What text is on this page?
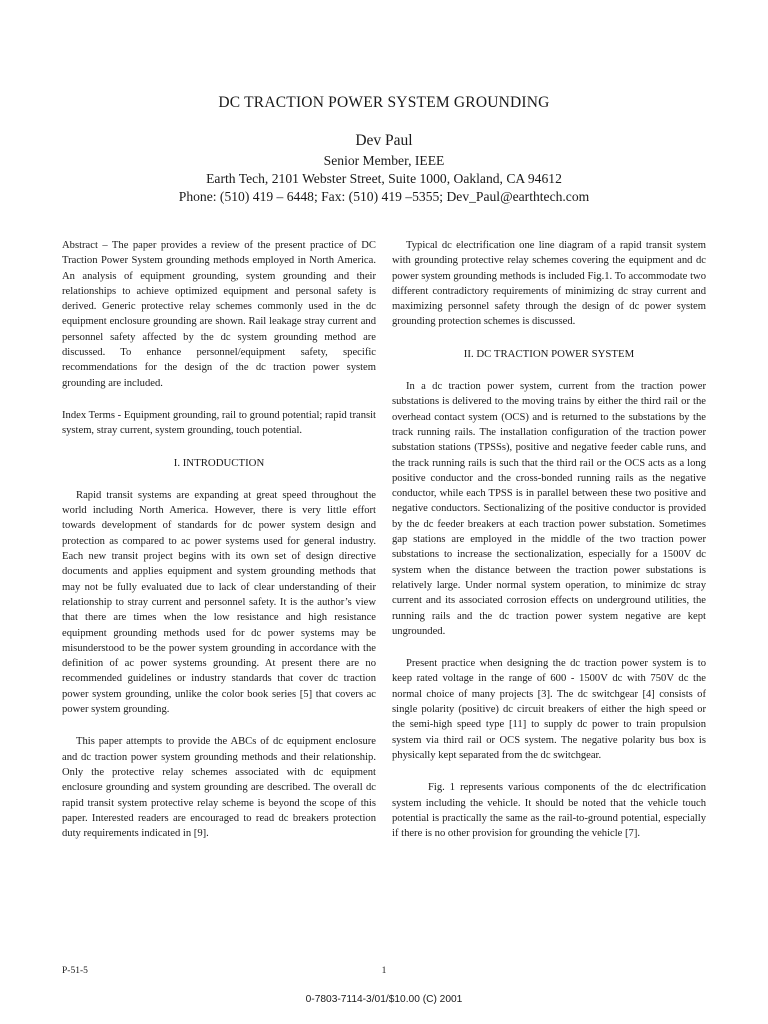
DC TRACTION POWER SYSTEM GROUNDING
Dev Paul
Senior Member, IEEE
Earth Tech, 2101 Webster Street, Suite 1000, Oakland, CA 94612
Phone: (510) 419 – 6448; Fax: (510) 419 –5355; Dev_Paul@earthtech.com

Abstract – The paper provides a review of the present practice of DC Traction Power System grounding methods employed in North America. An analysis of equipment grounding, system grounding and their relationships to achieve optimized equipment and personal safety is derived. Generic protective relay schemes commonly used in the dc equipment enclosure grounding are shown. Rail leakage stray current and personnel safety affected by the dc system grounding method are discussed. To enhance personnel/equipment safety, specific recommendations for the design of the dc traction power system grounding are included.

Index Terms - Equipment grounding, rail to ground potential; rapid transit system, stray current, system grounding, touch potential.

I. INTRODUCTION

Rapid transit systems are expanding at great speed throughout the world including North America. However, there is very little effort towards development of standards for dc power system design and protection as compared to ac power systems used for general industry. Each new transit project begins with its own set of design directive documents and applies equipment and system grounding methods that may not be fully evaluated due to lack of clear understanding of their relationship to stray current and personnel safety. It is the author’s view that there are times when the low resistance and high resistance equipment grounding methods used for dc power systems may be misunderstood to be the power system grounding in accordance with the definition of ac power systems grounding. At present there are no recommended guidelines or industry standards that cover dc traction power system grounding, unlike the color book series [5] that covers ac power system grounding.

This paper attempts to provide the ABCs of dc equipment enclosure and dc traction power system grounding methods and their relationship. Only the protective relay schemes associated with dc equipment enclosure grounding and system grounding are described. The overall dc rapid transit system protective relay scheme is beyond the scope of this paper. Interested readers are encouraged to read dc breakers protection duty requirements indicated in [9].

Typical dc electrification one line diagram of a rapid transit system with grounding protective relay schemes covering the equipment and dc power system grounding methods is included Fig.1. To accommodate two different contradictory requirements of minimizing dc stray current and maximizing personnel safety through the design of dc power system grounding protection schemes is discussed.

II. DC TRACTION POWER SYSTEM

In a dc traction power system, current from the traction power substations is delivered to the moving trains by either the third rail or the overhead contact system (OCS) and is returned to the substations by the track running rails. The installation configuration of the traction power substation stations (TPSSs), positive and negative feeder cable runs, and the track running rails is such that the third rail or the OCS acts as a long positive conductor and the cross-bonded running rails as the negative conductor, while each TPSS is in parallel between these two positive and negative conductors. Sectionalizing of the positive conductor is provided by the dc feeder breakers at each traction power substation. Sometimes gap stations are employed in the middle of the two traction power substations to increase the sectionalization, especially for a 1500V dc system when the distance between the traction power substations is relatively large. Under normal system operation, to minimize dc stray current and its associated corrosion effects on underground utilities, the running rails and the dc traction power system negative are kept ungrounded.

Present practice when designing the dc traction power system is to keep rated voltage in the range of 600 - 1500V dc with 750V dc the normal choice of many projects [3]. The dc switchgear [4] consists of single polarity (positive) dc circuit breakers of either the high speed or the semi-high speed type [11] to supply dc power to train propulsion system via third rail or OCS system. The negative polarity bus box is physically kept separated from the dc switchgear.

Fig. 1 represents various components of the dc electrification system including the vehicle. It should be noted that the vehicle touch potential is practically the same as the rail-to-ground potential, especially if there is no other provision for grounding the vehicle [7].

P-51-5	1
0-7803-7114-3/01/$10.00 (C) 2001
